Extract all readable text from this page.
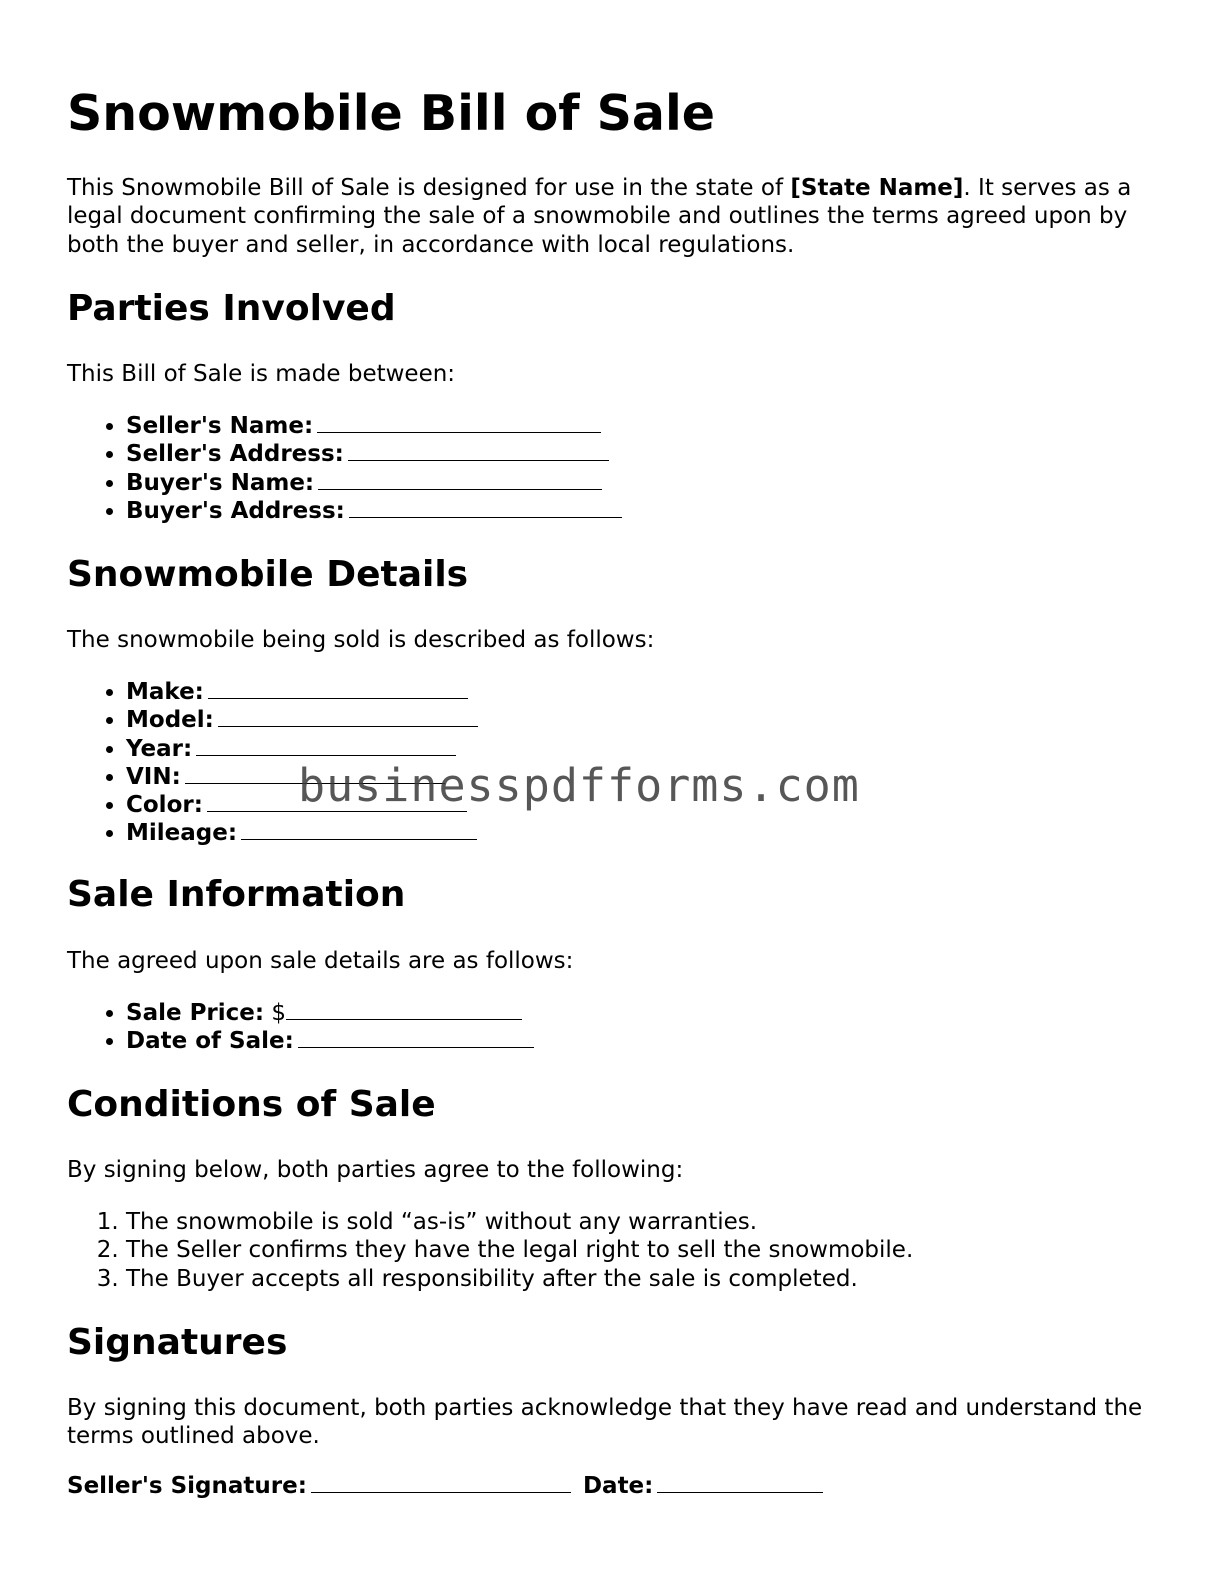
Snowmobile Bill of Sale

This Snowmobile Bill of Sale is designed for use in the state of [State Name]. It serves as a legal document confirming the sale of a snowmobile and outlines the terms agreed upon by both the buyer and seller, in accordance with local regulations.

Parties Involved

This Bill of Sale is made between:

• Seller's Name:
• Seller's Address:
• Buyer's Name:
• Buyer's Address:
Snowmobile Details

The snowmobile being sold is described as follows:

• Make:
• Model:
• Year:
• VIN:
• Color:
• Mileage:
Sale Information

The agreed upon sale details are as follows:

• Sale Price: $
• Date of Sale:
Conditions of Sale

By signing below, both parties agree to the following:

1. The snowmobile is sold “as-is” without any warranties.
2. The Seller confirms they have the legal right to sell the snowmobile.
3. The Buyer accepts all responsibility after the sale is completed.
Signatures

By signing this document, both parties acknowledge that they have read and understand the terms outlined above.

Seller's Signature:	Date:
businesspdfforms.com
